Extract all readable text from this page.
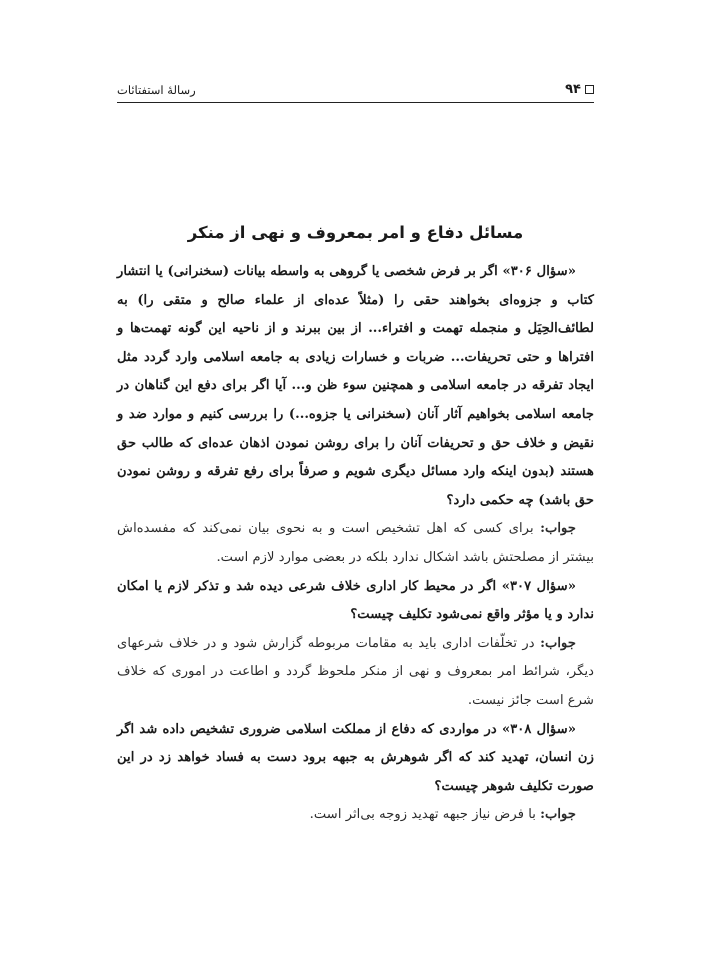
۹۴
رسالهٔ استفتائات
مسائل دفاع و امر بمعروف و نهی از منکر

«سؤال ۳۰۶» اگر بر فرض شخصی یا گروهی به واسطه بیانات (سخنرانی) یا انتشار کتاب و جزوه‌ای بخواهند حقی را (مثلاً عده‌ای از علماء صالح و متقی را) به لطائف‌الحِیَل و منجمله تهمت و افتراء... از بین ببرند و از ناحیه این گونه تهمت‌ها و افتراها و حتی تحریفات... ضربات و خسارات زیادی به جامعه اسلامی وارد گردد مثل ایجاد تفرقه در جامعه اسلامی و همچنین سوء ظن و... آیا اگر برای دفع این گناهان در جامعه اسلامی بخواهیم آثار آنان (سخنرانی یا جزوه...) را بررسی کنیم و موارد ضد و نقیض و خلاف حق و تحریفات آنان را برای روشن نمودن اذهان عده‌ای که طالب حق هستند (بدون اینکه وارد مسائل دیگری شویم و صرفاً برای رفع تفرقه و روشن نمودن حق باشد) چه حکمی دارد؟

جواب: برای کسی که اهل تشخیص است و به نحوی بیان نمی‌کند که مفسده‌اش بیشتر از مصلحتش باشد اشکال ندارد بلکه در بعضی موارد لازم است.

«سؤال ۳۰۷» اگر در محیط کار اداری خلاف شرعی دیده شد و تذکر لازم یا امکان ندارد و یا مؤثر واقع نمی‌شود تکلیف چیست؟

جواب: در تخلّفات اداری باید به مقامات مربوطه گزارش شود و در خلاف شرعهای دیگر، شرائط امر بمعروف و نهی از منکر ملحوظ گردد و اطاعت در اموری که خلاف شرع است جائز نیست.

«سؤال ۳۰۸» در مواردی که دفاع از مملکت اسلامی ضروری تشخیص داده شد اگر زن انسان، تهدید کند که اگر شوهرش به جبهه برود دست به فساد خواهد زد در این صورت تکلیف شوهر چیست؟

جواب: با فرض نیاز جبهه تهدید زوجه بی‌اثر است.
